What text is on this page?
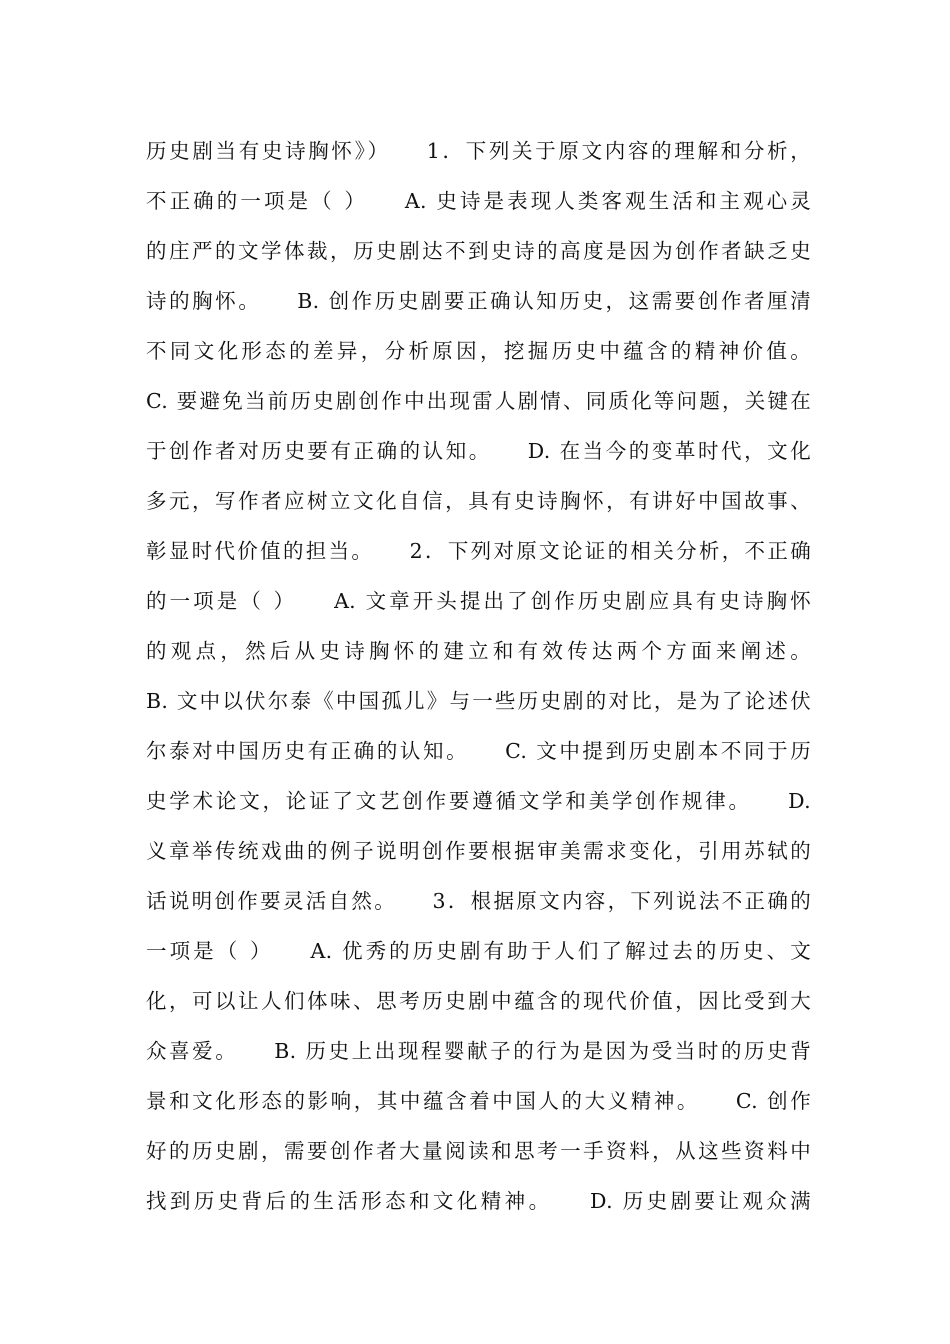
历史剧当有史诗胸怀》）　　1．下列关于原文内容的理解和分析，
不正确的一项是（ ）　　A. 史诗是表现人类客观生活和主观心灵
的庄严的文学体裁，历史剧达不到史诗的高度是因为创作者缺乏史
诗的胸怀。　　B. 创作历史剧要正确认知历史，这需要创作者厘清
不同文化形态的差异，分析原因，挖掘历史中蕴含的精神价值。
C. 要避免当前历史剧创作中出现雷人剧情、同质化等问题，关键在
于创作者对历史要有正确的认知。　　D. 在当今的变革时代，文化
多元，写作者应树立文化自信，具有史诗胸怀，有讲好中国故事、
彰显时代价值的担当。　　2．下列对原文论证的相关分析，不正确
的一项是（ ）　　A. 文章开头提出了创作历史剧应具有史诗胸怀
的观点，然后从史诗胸怀的建立和有效传达两个方面来阐述。
B. 文中以伏尔泰《中国孤儿》与一些历史剧的对比，是为了论述伏
尔泰对中国历史有正确的认知。　　C. 文中提到历史剧本不同于历
史学术论文，论证了文艺创作要遵循文学和美学创作规律。　　D.
义章举传统戏曲的例子说明创作要根据审美需求变化，引用苏轼的
话说明创作要灵活自然。　　3．根据原文内容，下列说法不正确的
一项是（ ）　　A. 优秀的历史剧有助于人们了解过去的历史、文
化，可以让人们体味、思考历史剧中蕴含的现代价值，因比受到大
众喜爱。　　B. 历史上出现程婴献子的行为是因为受当时的历史背
景和文化形态的影响，其中蕴含着中国人的大义精神。　　C. 创作
好的历史剧，需要创作者大量阅读和思考一手资料，从这些资料中
找到历史背后的生活形态和文化精神。　　D. 历史剧要让观众满
